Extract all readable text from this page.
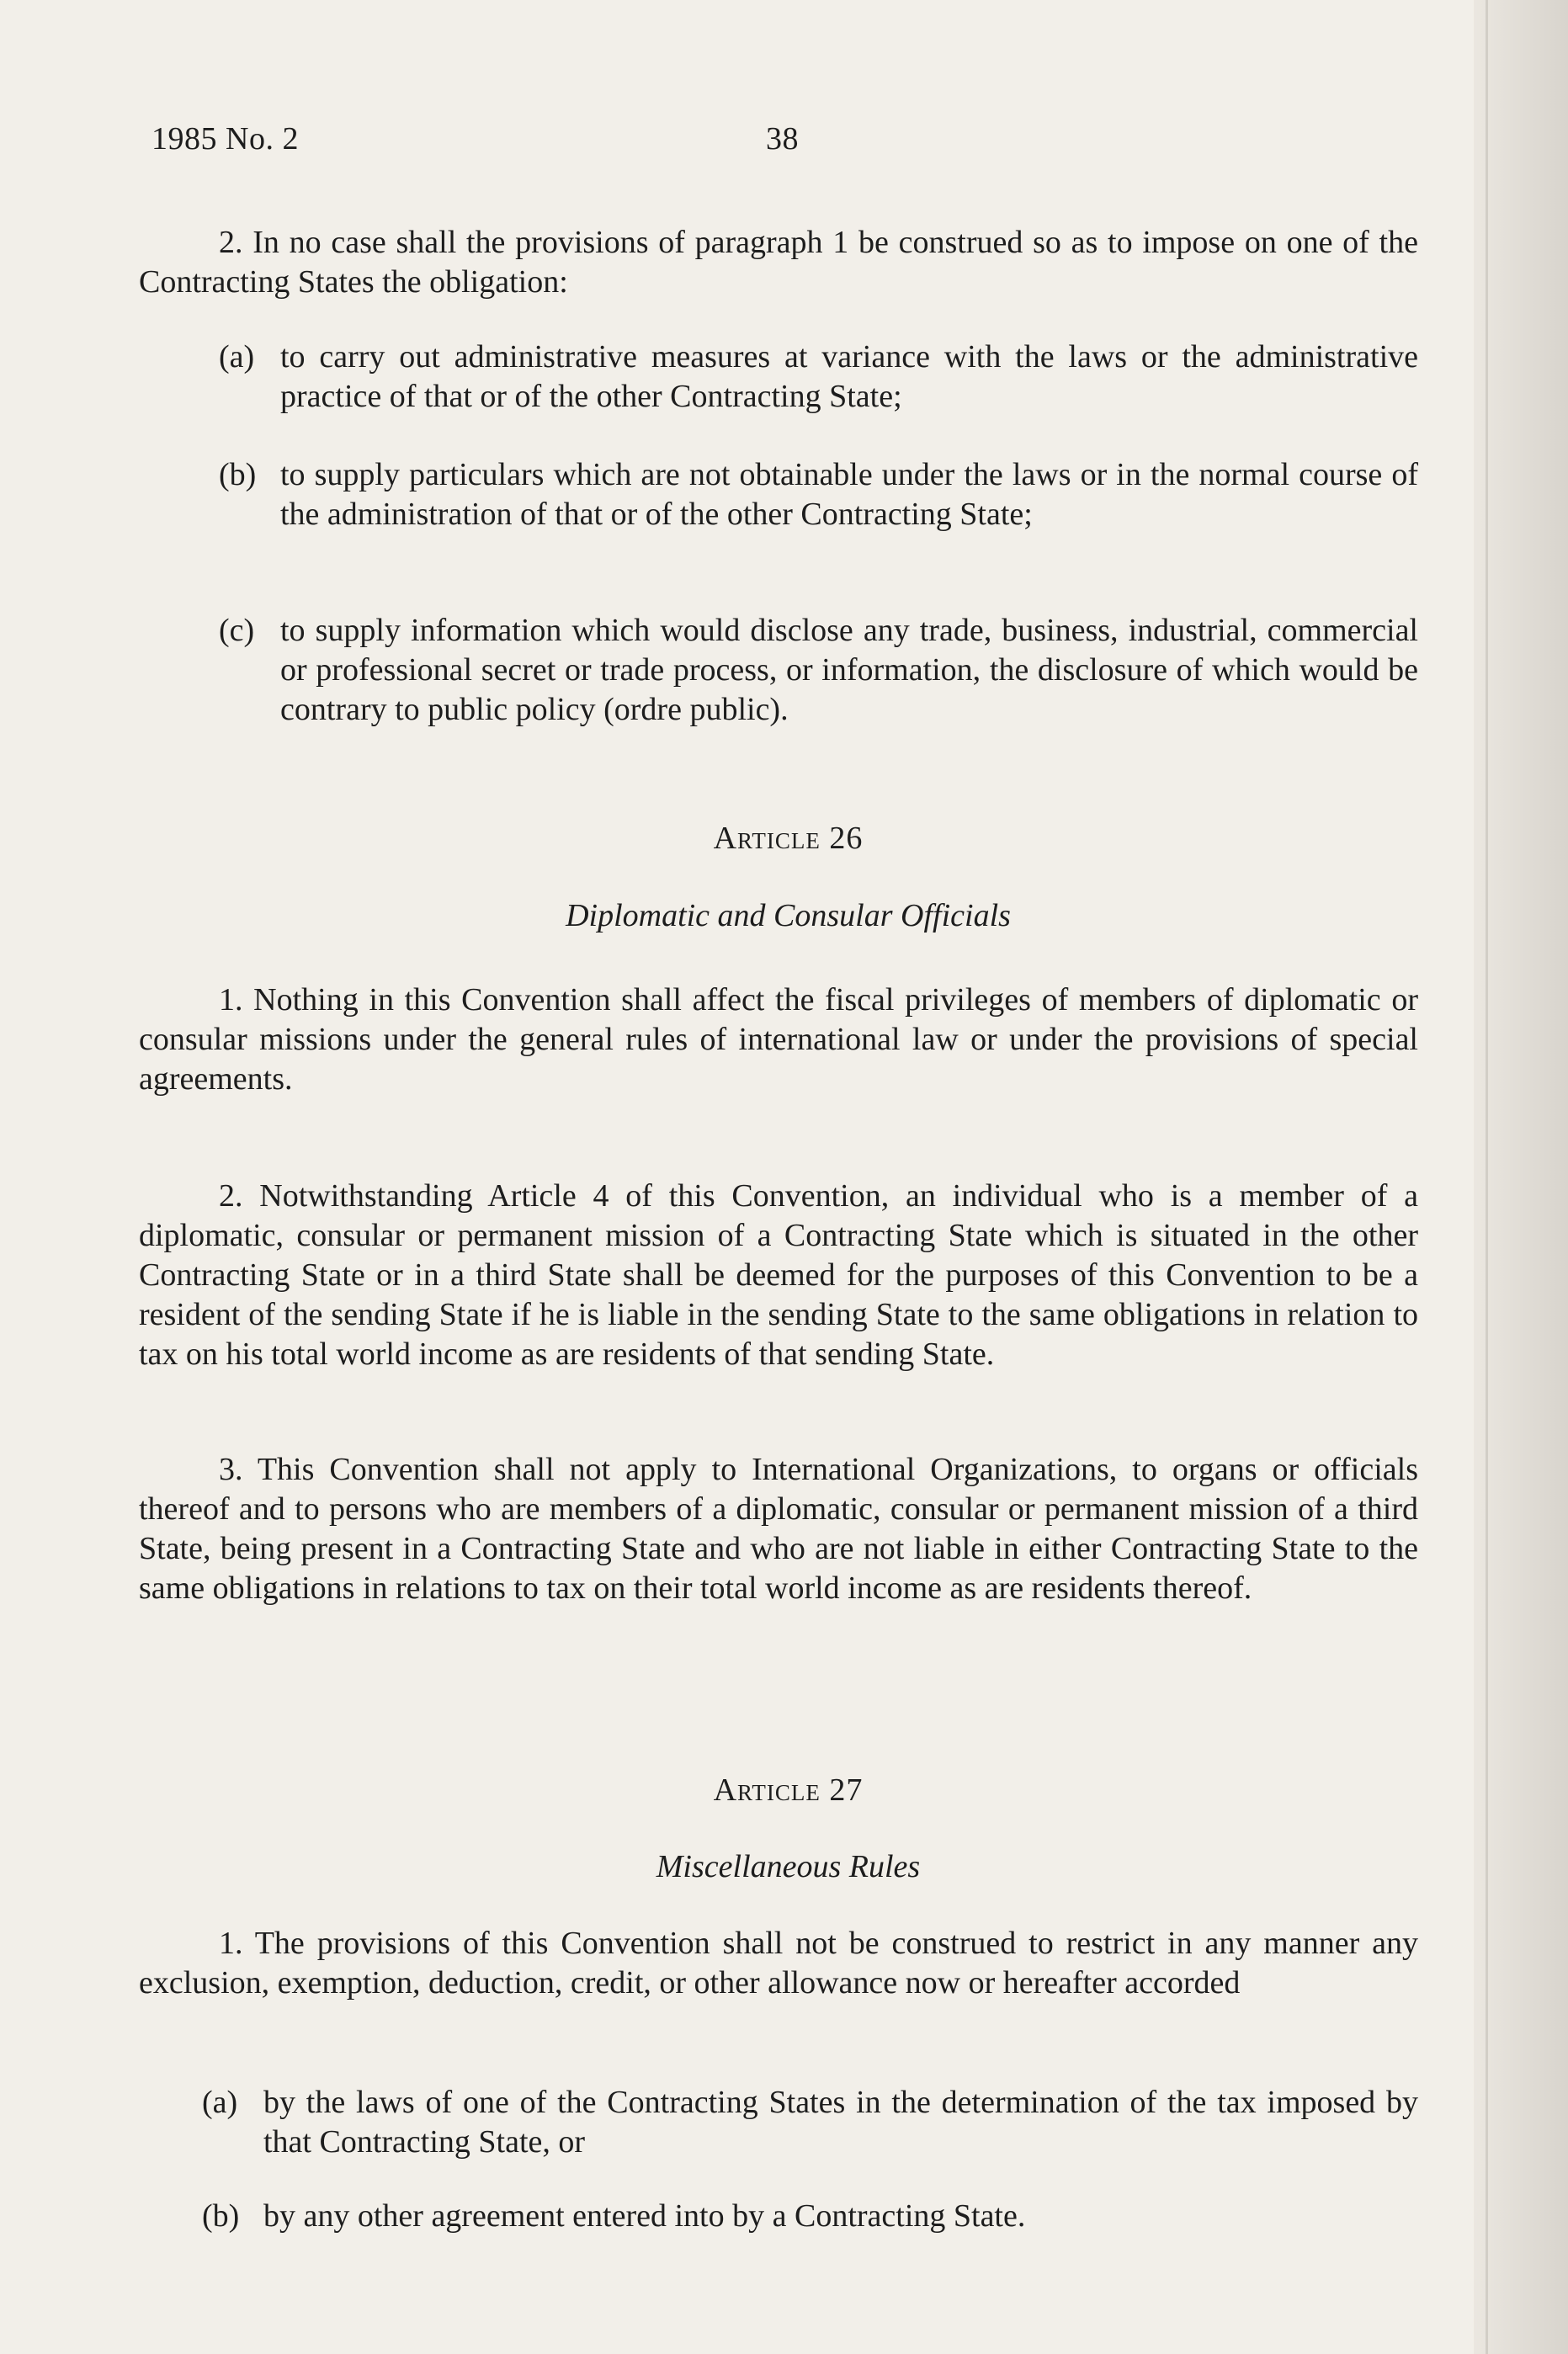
1985 No. 2	38
2. In no case shall the provisions of paragraph 1 be construed so as to impose on one of the Contracting States the obligation:
(a) to carry out administrative measures at variance with the laws or the administrative practice of that or of the other Contracting State;
(b) to supply particulars which are not obtainable under the laws or in the normal course of the administration of that or of the other Contracting State;
(c) to supply information which would disclose any trade, business, industrial, commercial or professional secret or trade process, or information, the disclosure of which would be contrary to public policy (ordre public).
Article 26
Diplomatic and Consular Officials
1. Nothing in this Convention shall affect the fiscal privileges of members of diplomatic or consular missions under the general rules of international law or under the provisions of special agreements.
2. Notwithstanding Article 4 of this Convention, an individual who is a member of a diplomatic, consular or permanent mission of a Contracting State which is situated in the other Contracting State or in a third State shall be deemed for the purposes of this Convention to be a resident of the sending State if he is liable in the sending State to the same obligations in relation to tax on his total world income as are residents of that sending State.
3. This Convention shall not apply to International Organizations, to organs or officials thereof and to persons who are members of a diplomatic, consular or permanent mission of a third State, being present in a Contracting State and who are not liable in either Contracting State to the same obligations in relations to tax on their total world income as are residents thereof.
Article 27
Miscellaneous Rules
1. The provisions of this Convention shall not be construed to restrict in any manner any exclusion, exemption, deduction, credit, or other allowance now or hereafter accorded
(a) by the laws of one of the Contracting States in the determination of the tax imposed by that Contracting State, or
(b) by any other agreement entered into by a Contracting State.
